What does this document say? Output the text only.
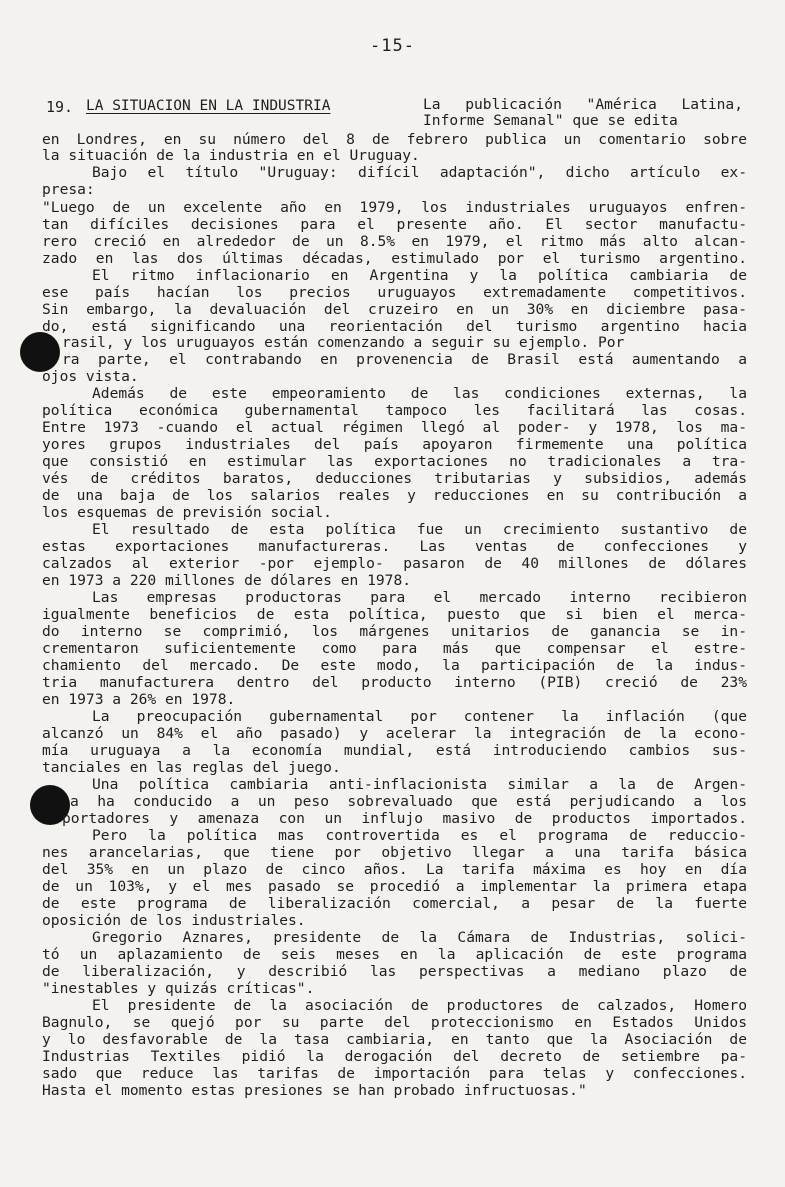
-15-
19. LA SITUACION EN LA INDUSTRIA	La publicación "América Latina,
Informe Semanal" que se edita
en Londres, en su número del 8 de febrero publica un comentario sobre
la situación de la industria en el Uruguay.
Bajo el título "Uruguay: difícil adaptación", dicho artículo ex-
presa:
"Luego de un excelente año en 1979, los industriales uruguayos enfren-
tan difíciles decisiones para el presente año. El sector manufactu-
rero creció en alrededor de un 8.5% en 1979, el ritmo más alto alcan-
zado en las dos últimas décadas, estimulado por el turismo argentino.
El ritmo inflacionario en Argentina y la política cambiaria de
ese país hacían los precios uruguayos extremadamente competitivos.
Sin embargo, la devaluación del cruzeiro en un 30% en diciembre pasa-
do, está significando una reorientación del turismo argentino hacia
rasil, y los uruguayos están comenzando a seguir su ejemplo. Por
ra parte, el contrabando en provenencia de Brasil está aumentando a
ojos vista.
Además de este empeoramiento de las condiciones externas, la
política económica gubernamental tampoco les facilitará las cosas.
Entre 1973 -cuando el actual régimen llegó al poder- y 1978, los ma-
yores grupos industriales del país apoyaron firmemente una política
que consistió en estimular las exportaciones no tradicionales a tra-
vés de créditos baratos, deducciones tributarias y subsidios, además
de una baja de los salarios reales y reducciones en su contribución a
los esquemas de previsión social.
El resultado de esta política fue un crecimiento sustantivo de
estas exportaciones manufactureras. Las ventas de confecciones y
calzados al exterior -por ejemplo- pasaron de 40 millones de dólares
en 1973 a 220 millones de dólares en 1978.
Las empresas productoras para el mercado interno recibieron
igualmente beneficios de esta política, puesto que si bien el merca-
do interno se comprimió, los márgenes unitarios de ganancia se in-
crementaron suficientemente como para más que compensar el estre-
chamiento del mercado. De este modo, la participación de la indus-
tria manufacturera dentro del producto interno (PIB) creció de 23%
en 1973 a 26% en 1978.
La preocupación gubernamental por contener la inflación (que
alcanzó un 84% el año pasado) y acelerar la integración de la econo-
mía uruguaya a la economía mundial, está introduciendo cambios sus-
tanciales en las reglas del juego.
Una política cambiaria anti-inflacionista similar a la de Argen-
a ha conducido a un peso sobrevaluado que está perjudicando a los
portadores y amenaza con un influjo masivo de productos importados.
Pero la política mas controvertida es el programa de reduccio-
nes arancelarias, que tiene por objetivo llegar a una tarifa básica
del 35% en un plazo de cinco años. La tarifa máxima es hoy en día
de un 103%, y el mes pasado se procedió a implementar la primera etapa
de este programa de liberalización comercial, a pesar de la fuerte
oposición de los industriales.
Gregorio Aznares, presidente de la Cámara de Industrias, solici-
tó un aplazamiento de seis meses en la aplicación de este programa
de liberalización, y describió las perspectivas a mediano plazo de
"inestables y quizás críticas".
El presidente de la asociación de productores de calzados, Homero
Bagnulo, se quejó por su parte del proteccionismo en Estados Unidos
y lo desfavorable de la tasa cambiaria, en tanto que la Asociación de
Industrias Textiles pidió la derogación del decreto de setiembre pa-
sado que reduce las tarifas de importación para telas y confecciones.
Hasta el momento estas presiones se han probado infructuosas."
